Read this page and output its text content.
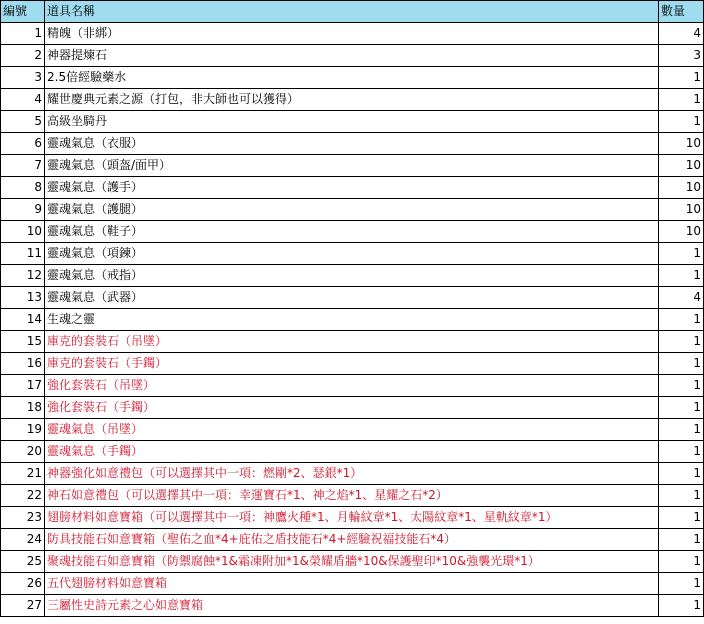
編號	道具名稱	數量
1	精魄（非綁）	4
2	神器提煉石	3
3	2.5倍經驗藥水	1
4	耀世慶典元素之源（打包，非大師也可以獲得）	1
5	高級坐騎丹	1
6	靈魂氣息（衣服）	10
7	靈魂氣息（頭盔/面甲）	10
8	靈魂氣息（護手）	10
9	靈魂氣息（護腿）	10
10	靈魂氣息（鞋子）	10
11	靈魂氣息（項鍊）	1
12	靈魂氣息（戒指）	1
13	靈魂氣息（武器）	4
14	生魂之靈	1
15	庫克的套裝石（吊墜）	1
16	庫克的套裝石（手鐲）	1
17	強化套裝石（吊墜）	1
18	強化套裝石（手鐲）	1
19	靈魂氣息（吊墜）	1
20	靈魂氣息（手鐲）	1
21	神器強化如意禮包（可以選擇其中一項：燃剛*2、瑟銀*1）	1
22	神石如意禮包（可以選擇其中一項：幸運寶石*1、神之焰*1、星耀之石*2）	1
23	翅膀材料如意寶箱（可以選擇其中一項：神鷹火種*1、月輪紋章*1、太陽紋章*1、星軌紋章*1）	1
24	防具技能石如意寶箱（聖佑之血*4+庇佑之盾技能石*4+經驗祝福技能石*4）	1
25	聚魂技能石如意寶箱（防禦腐蝕*1&霜凍附加*1&榮耀盾牆*10&保護聖印*10&強襲光環*1）	1
26	五代翅膀材料如意寶箱	1
27	三屬性史詩元素之心如意寶箱	1
